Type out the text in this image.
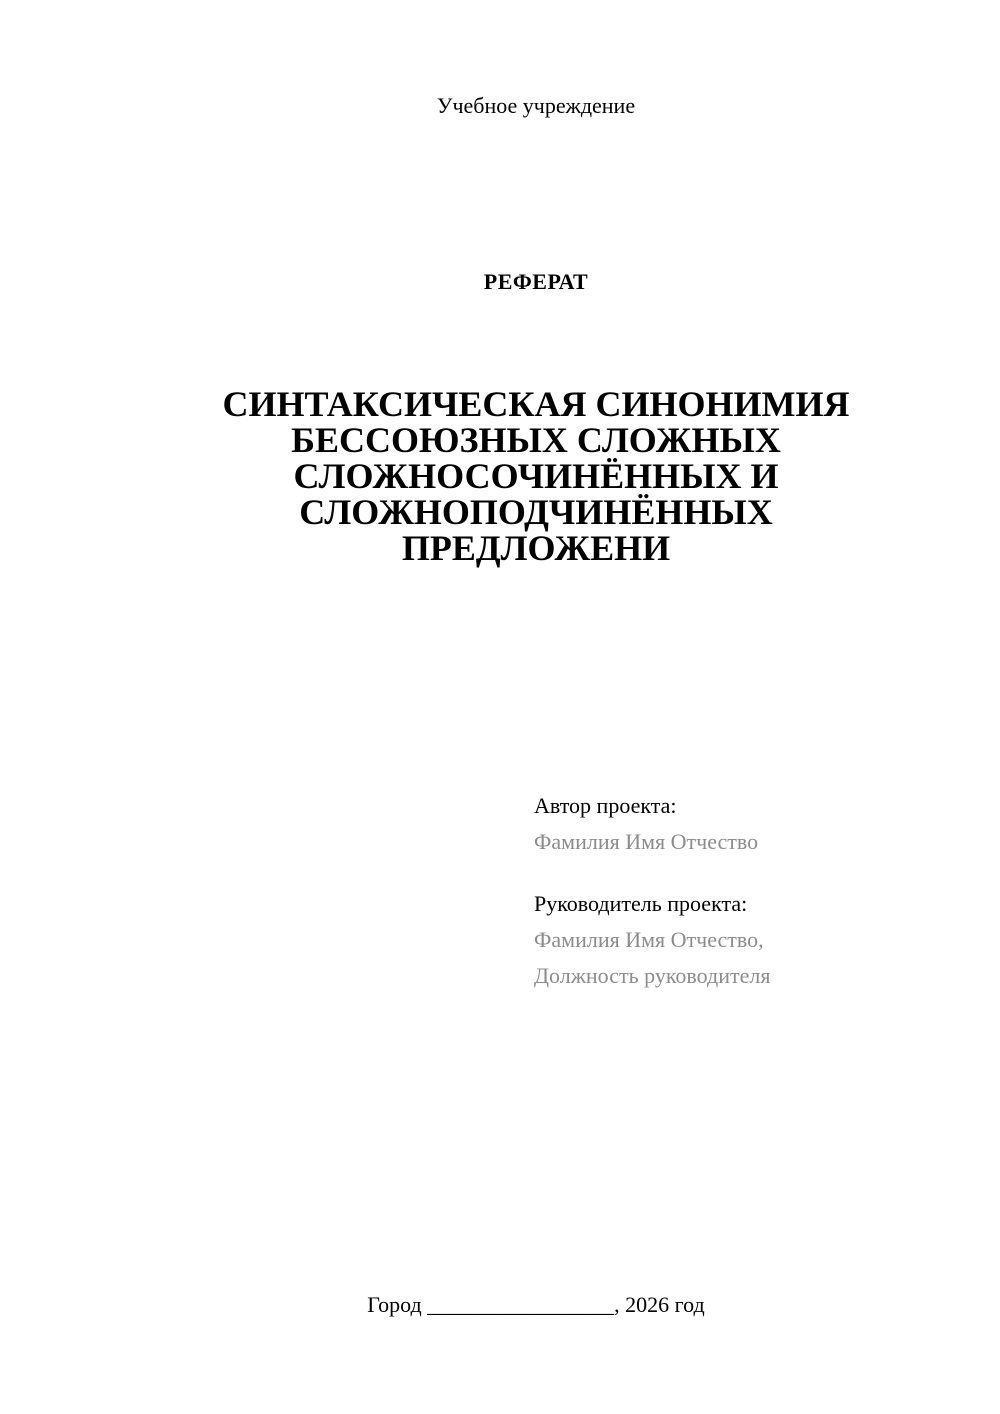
Учебное учреждение
РЕФЕРАТ
СИНТАКСИЧЕСКАЯ СИНОНИМИЯ
БЕССОЮЗНЫХ СЛОЖНЫХ
СЛОЖНОСОЧИНЁННЫХ И
СЛОЖНОПОДЧИНЁННЫХ
ПРЕДЛОЖЕНИ
Автор проекта:
Фамилия Имя Отчество
Руководитель проекта:
Фамилия Имя Отчество,
Должность руководителя
Город _________________, 2026 год
